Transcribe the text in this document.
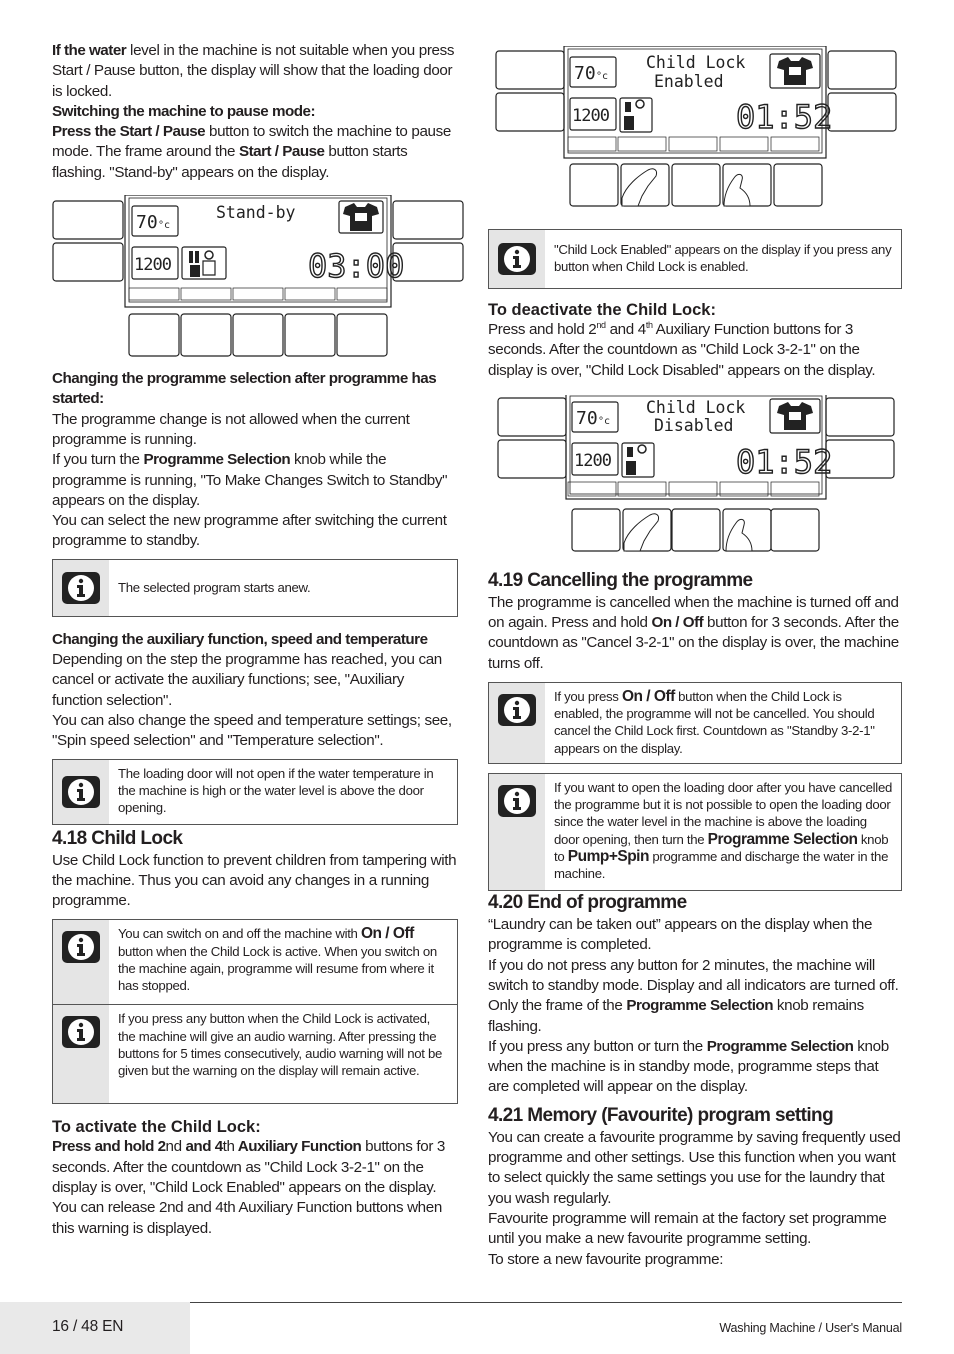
If the water level in the machine is not suitable when you press Start / Pause button, the display will show that the loading door is locked.

Switching the machine to pause mode:

Press the Start / Pause button to switch the machine to pause mode. The frame around the Start / Pause button starts flashing. "Stand-by" appears on the display.

Stand-by
70 °c
1200	03:00

Changing the programme selection after programme has started:

The programme change is not allowed when the current programme is running.

If you turn the Programme Selection knob while the programme is running, "To Make Changes Switch to Standby" appears on the display.

You can select the new programme after switching the current programme to standby.

The selected program starts anew.

Changing the auxiliary function, speed and temperature

Depending on the step the programme has reached, you can cancel or activate the auxiliary functions; see, "Auxiliary function selection".

You can also change the speed and temperature settings; see, "Spin speed selection" and "Temperature selection".

The loading door will not open if the water temperature in the machine is high or the water level is above the door opening.
4.18 Child Lock

Use Child Lock function to prevent children from tampering with the machine. Thus you can avoid any changes in a running programme.

You can switch on and off the machine with On / Off button when the Child Lock is active. When you switch on the machine again, programme will resume from where it has stopped.
If you press any button when the Child Lock is activated, the machine will give an audio warning. After pressing the buttons for 5 times consecutively, audio warning will not be given but the warning on the display will remain active.
To activate the Child Lock:

Press and hold 2nd and 4th Auxiliary Function buttons for 3 seconds. After the countdown as "Child Lock 3-2-1" on the display is over, "Child Lock Enabled" appears on the display. You can release 2nd and 4th Auxiliary Function buttons when this warning is displayed.

Child Lock
Enabled
70 °c
1200	01:52
"Child Lock Enabled" appears on the display if you press any button when Child Lock is enabled.
To deactivate the Child Lock:

Press and hold 2nd and 4th Auxiliary Function buttons for 3 seconds. After the countdown as "Child Lock 3-2-1" on the display is over, "Child Lock Disabled" appears on the display.

Child Lock
Disabled
70 °c
1200	01:52
4.19 Cancelling the programme

The programme is cancelled when the machine is turned off and on again. Press and hold On / Off button for 3 seconds. After the countdown as "Cancel 3-2-1" on the display is over, the machine turns off.

If you press On / Off button when the Child Lock is enabled, the programme will not be cancelled. You should cancel the Child Lock first. Countdown as "Standby 3-2-1" appears on the display.
If you want to open the loading door after you have cancelled the programme but it is not possible to open the loading door since the water level in the machine is above the loading door opening, then turn the Programme Selection knob to Pump+Spin programme and discharge the water in the machine.
4.20 End of programme

“Laundry can be taken out” appears on the display when the programme is completed.

If you do not press any button for 2 minutes, the machine will switch to standby mode. Display and all indicators are turned off. Only the frame of the Programme Selection knob remains flashing.

If you press any button or turn the Programme Selection knob when the machine is in standby mode, programme steps that are completed will appear on the display.

4.21 Memory (Favourite) program setting

You can create a favourite programme by saving frequently used programme and other settings. Use this function when you want to select quickly the same settings you use for the laundry that you wash regularly.

Favourite programme will remain at the factory set programme until you make a new favourite programme setting.

To store a new favourite programme:

16 / 48 EN	Washing Machine / User's Manual
